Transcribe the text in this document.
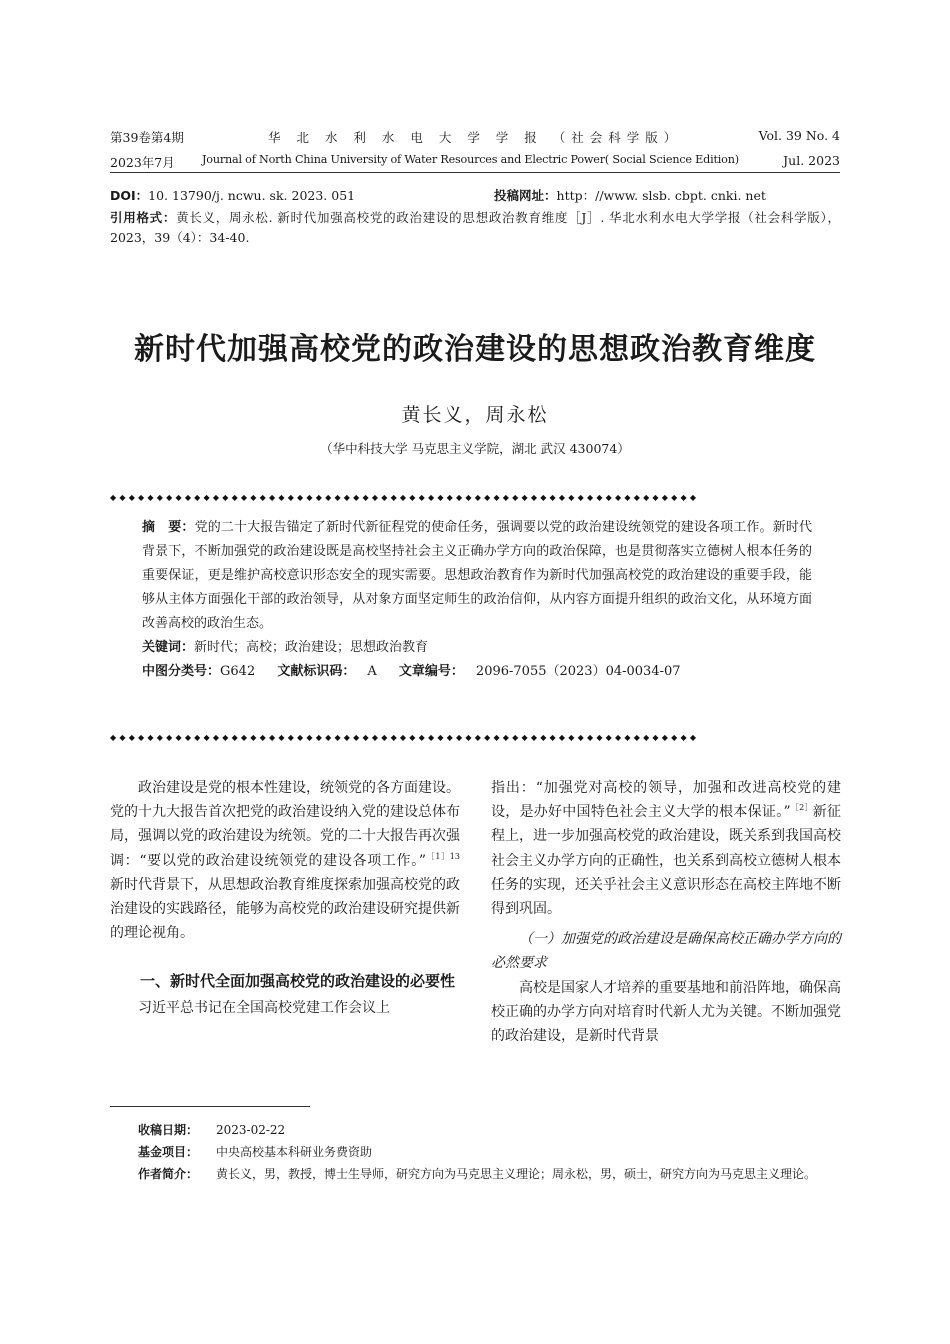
第39卷第4期	华 北 水 利 水 电 大 学 学 报 （社会科学版）	Vol. 39 No. 4
2023年7月 Journal of North China University of Water Resources and Electric Power( Social Science Edition)	Jul. 2023
DOI：10. 13790/j. ncwu. sk. 2023. 051	投稿网址：http：//www. slsb. cbpt. cnki. net
引用格式：黄长义，周永松. 新时代加强高校党的政治建设的思想政治教育维度［J］. 华北水利水电大学学报（社会科学版），2023，39（4）：34-40.
新时代加强高校党的政治建设的思想政治教育维度
黄长义，周永松
（华中科技大学 马克思主义学院，湖北 武汉 430074）
◆◆◆◆◆◆◆◆◆◆◆◆◆◆◆◆◆◆◆◆◆◆◆◆◆◆◆◆◆◆◆◆◆◆◆◆◆◆◆◆◆◆◆◆◆◆◆◆◆◆◆◆◆◆◆◆◆◆◆◆◆◆◆
摘　要：党的二十大报告锚定了新时代新征程党的使命任务，强调要以党的政治建设统领党的建设各项工作。新时代背景下，不断加强党的政治建设既是高校坚持社会主义正确办学方向的政治保障，也是贯彻落实立德树人根本任务的重要保证，更是维护高校意识形态安全的现实需要。思想政治教育作为新时代加强高校党的政治建设的重要手段，能够从主体方面强化干部的政治领导，从对象方面坚定师生的政治信仰，从内容方面提升组织的政治文化，从环境方面改善高校的政治生态。
关键词：新时代；高校；政治建设；思想政治教育
中图分类号：G642 文献标识码： A 文章编号： 2096-7055（2023）04-0034-07
◆◆◆◆◆◆◆◆◆◆◆◆◆◆◆◆◆◆◆◆◆◆◆◆◆◆◆◆◆◆◆◆◆◆◆◆◆◆◆◆◆◆◆◆◆◆◆◆◆◆◆◆◆◆◆◆◆◆◆◆◆◆◆

政治建设是党的根本性建设，统领党的各方面建设。党的十九大报告首次把党的政治建设纳入党的建设总体布局，强调以党的政治建设为统领。党的二十大报告再次强调：“要以党的政治建设统领党的建设各项工作。”$^{[1]13}$ 新时代背景下，从思想政治教育维度探索加强高校党的政治建设的实践路径，能够为高校党的政治建设研究提供新的理论视角。

一、新时代全面加强高校党的政治建设的必要性

习近平总书记在全国高校党建工作会议上

指出：“加强党对高校的领导，加强和改进高校党的建设，是办好中国特色社会主义大学的根本保证。”$^{[2]}$新征程上，进一步加强高校党的政治建设，既关系到我国高校社会主义办学方向的正确性，也关系到高校立德树人根本任务的实现，还关乎社会主义意识形态在高校主阵地不断得到巩固。

（一）加强党的政治建设是确保高校正确办学方向的必然要求

高校是国家人才培养的重要基地和前沿阵地，确保高校正确的办学方向对培育时代新人尤为关键。不断加强党的政治建设，是新时代背景

收稿日期：	2023-02-22
基金项目：	中央高校基本科研业务费资助
作者简介：	黄长义，男，教授，博士生导师，研究方向为马克思主义理论；周永松，男，硕士，研究方向为马克思主义理论。
